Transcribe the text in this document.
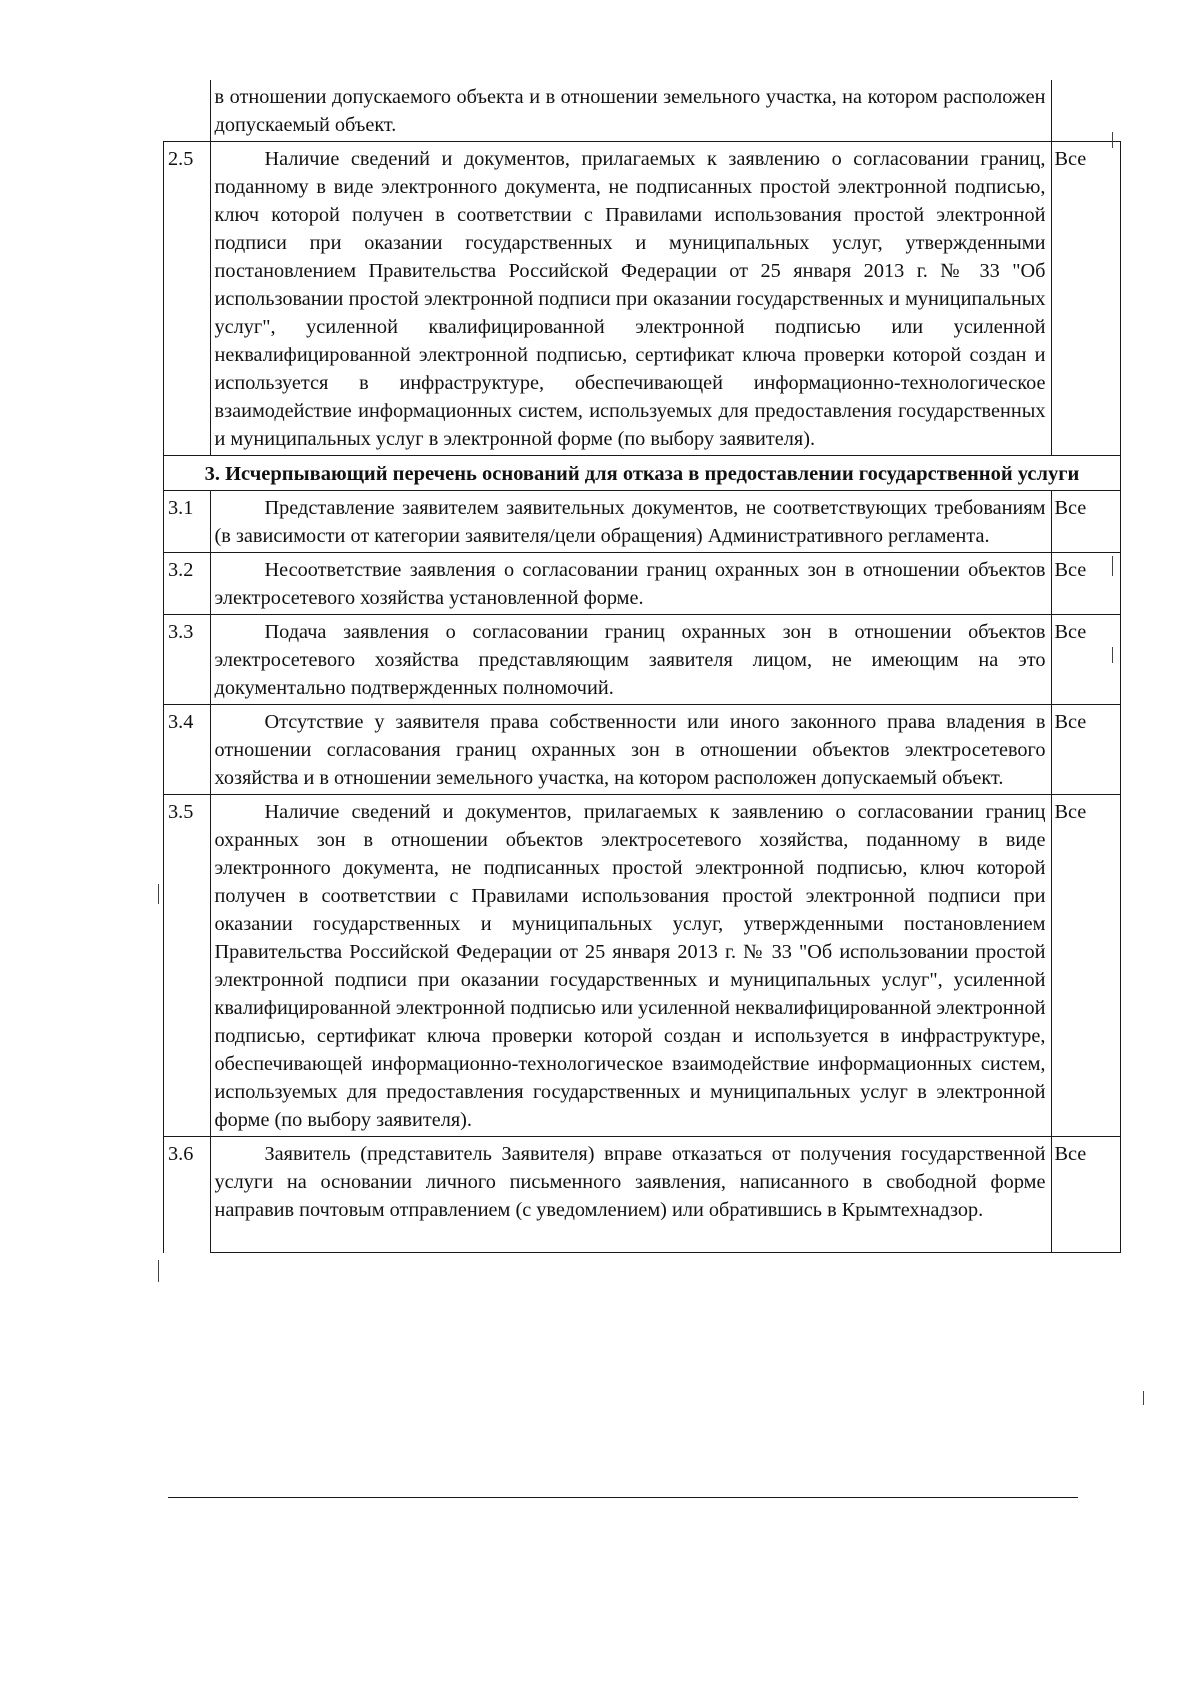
	в отношении допускаемого объекта и в отношении земельного участка, на котором расположен допускаемый объект.	
2.5	Наличие сведений и документов, прилагаемых к заявлению о согласовании границ, поданному в виде электронного документа, не подписанных простой электронной подписью, ключ которой получен в соответствии с Правилами использования простой электронной подписи при оказании государственных и муниципальных услуг, утвержденными постановлением Правительства Российской Федерации от 25 января 2013 г. № 33 "Об использовании простой электронной подписи при оказании государственных и муниципальных услуг", усиленной квалифицированной электронной подписью или усиленной неквалифицированной электронной подписью, сертификат ключа проверки которой создан и используется в инфраструктуре, обеспечивающей информационно-технологическое взаимодействие информационных систем, используемых для предоставления государственных и муниципальных услуг в электронной форме (по выбору заявителя).	Все
3. Исчерпывающий перечень оснований для отказа в предоставлении государственной услуги		
3.1	Представление заявителем заявительных документов, не соответствующих требованиям (в зависимости от категории заявителя/цели обращения) Административного регламента.	Все
3.2	Несоответствие заявления о согласовании границ охранных зон в отношении объектов электросетевого хозяйства установленной форме.	Все
3.3	Подача заявления о согласовании границ охранных зон в отношении объектов электросетевого хозяйства представляющим заявителя лицом, не имеющим на это документально подтвержденных полномочий.	Все
3.4	Отсутствие у заявителя права собственности или иного законного права владения в отношении согласования границ охранных зон в отношении объектов электросетевого хозяйства и в отношении земельного участка, на котором расположен допускаемый объект.	Все
3.5	Наличие сведений и документов, прилагаемых к заявлению о согласовании границ охранных зон в отношении объектов электросетевого хозяйства, поданному в виде электронного документа, не подписанных простой электронной подписью, ключ которой получен в соответствии с Правилами использования простой электронной подписи при оказании государственных и муниципальных услуг, утвержденными постановлением Правительства Российской Федерации от 25 января 2013 г. № 33 "Об использовании простой электронной подписи при оказании государственных и муниципальных услуг", усиленной квалифицированной электронной подписью или усиленной неквалифицированной электронной подписью, сертификат ключа проверки которой создан и используется в инфраструктуре, обеспечивающей информационно-технологическое взаимодействие информационных систем, используемых для предоставления государственных и муниципальных услуг в электронной форме (по выбору заявителя).	Все
3.6	Заявитель (представитель Заявителя) вправе отказаться от получения государственной услуги на основании личного письменного заявления, написанного в свободной форме направив почтовым отправлением (с уведомлением) или обратившись в Крымтехнадзор.	Все
